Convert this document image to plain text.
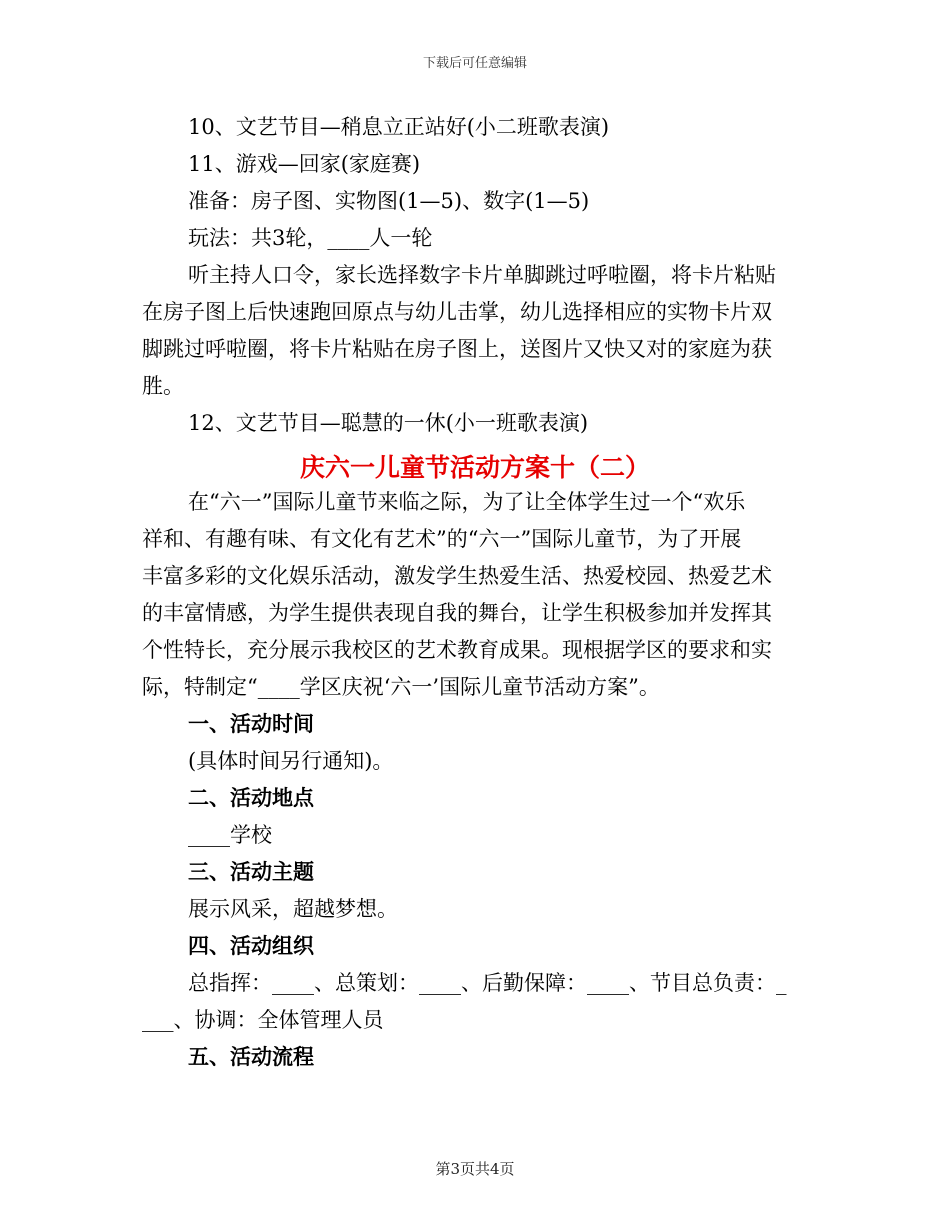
下载后可任意编辑
10、文艺节目—稍息立正站好(小二班歌表演)
11、游戏—回家(家庭赛)
准备：房子图、实物图(1—5)、数字(1—5)
玩法：共3轮，____人一轮
听主持人口令，家长选择数字卡片单脚跳过呼啦圈，将卡片粘贴
在房子图上后快速跑回原点与幼儿击掌，幼儿选择相应的实物卡片双
脚跳过呼啦圈，将卡片粘贴在房子图上，送图片又快又对的家庭为获
胜。
12、文艺节目—聪慧的一休(小一班歌表演)
庆六一儿童节活动方案十（二）
在“六一”国际儿童节来临之际，为了让全体学生过一个“欢乐
祥和、有趣有味、有文化有艺术”的“六一”国际儿童节，为了开展
丰富多彩的文化娱乐活动，激发学生热爱生活、热爱校园、热爱艺术
的丰富情感，为学生提供表现自我的舞台，让学生积极参加并发挥其
个性特长，充分展示我校区的艺术教育成果。现根据学区的要求和实
际，特制定“____学区庆祝‘六一’国际儿童节活动方案”。
一、活动时间
(具体时间另行通知)。
二、活动地点
____学校
三、活动主题
展示风采，超越梦想。
四、活动组织
总指挥：____、总策划：____、后勤保障：____、节目总负责：_
___、协调：全体管理人员
五、活动流程
第3页共4页
